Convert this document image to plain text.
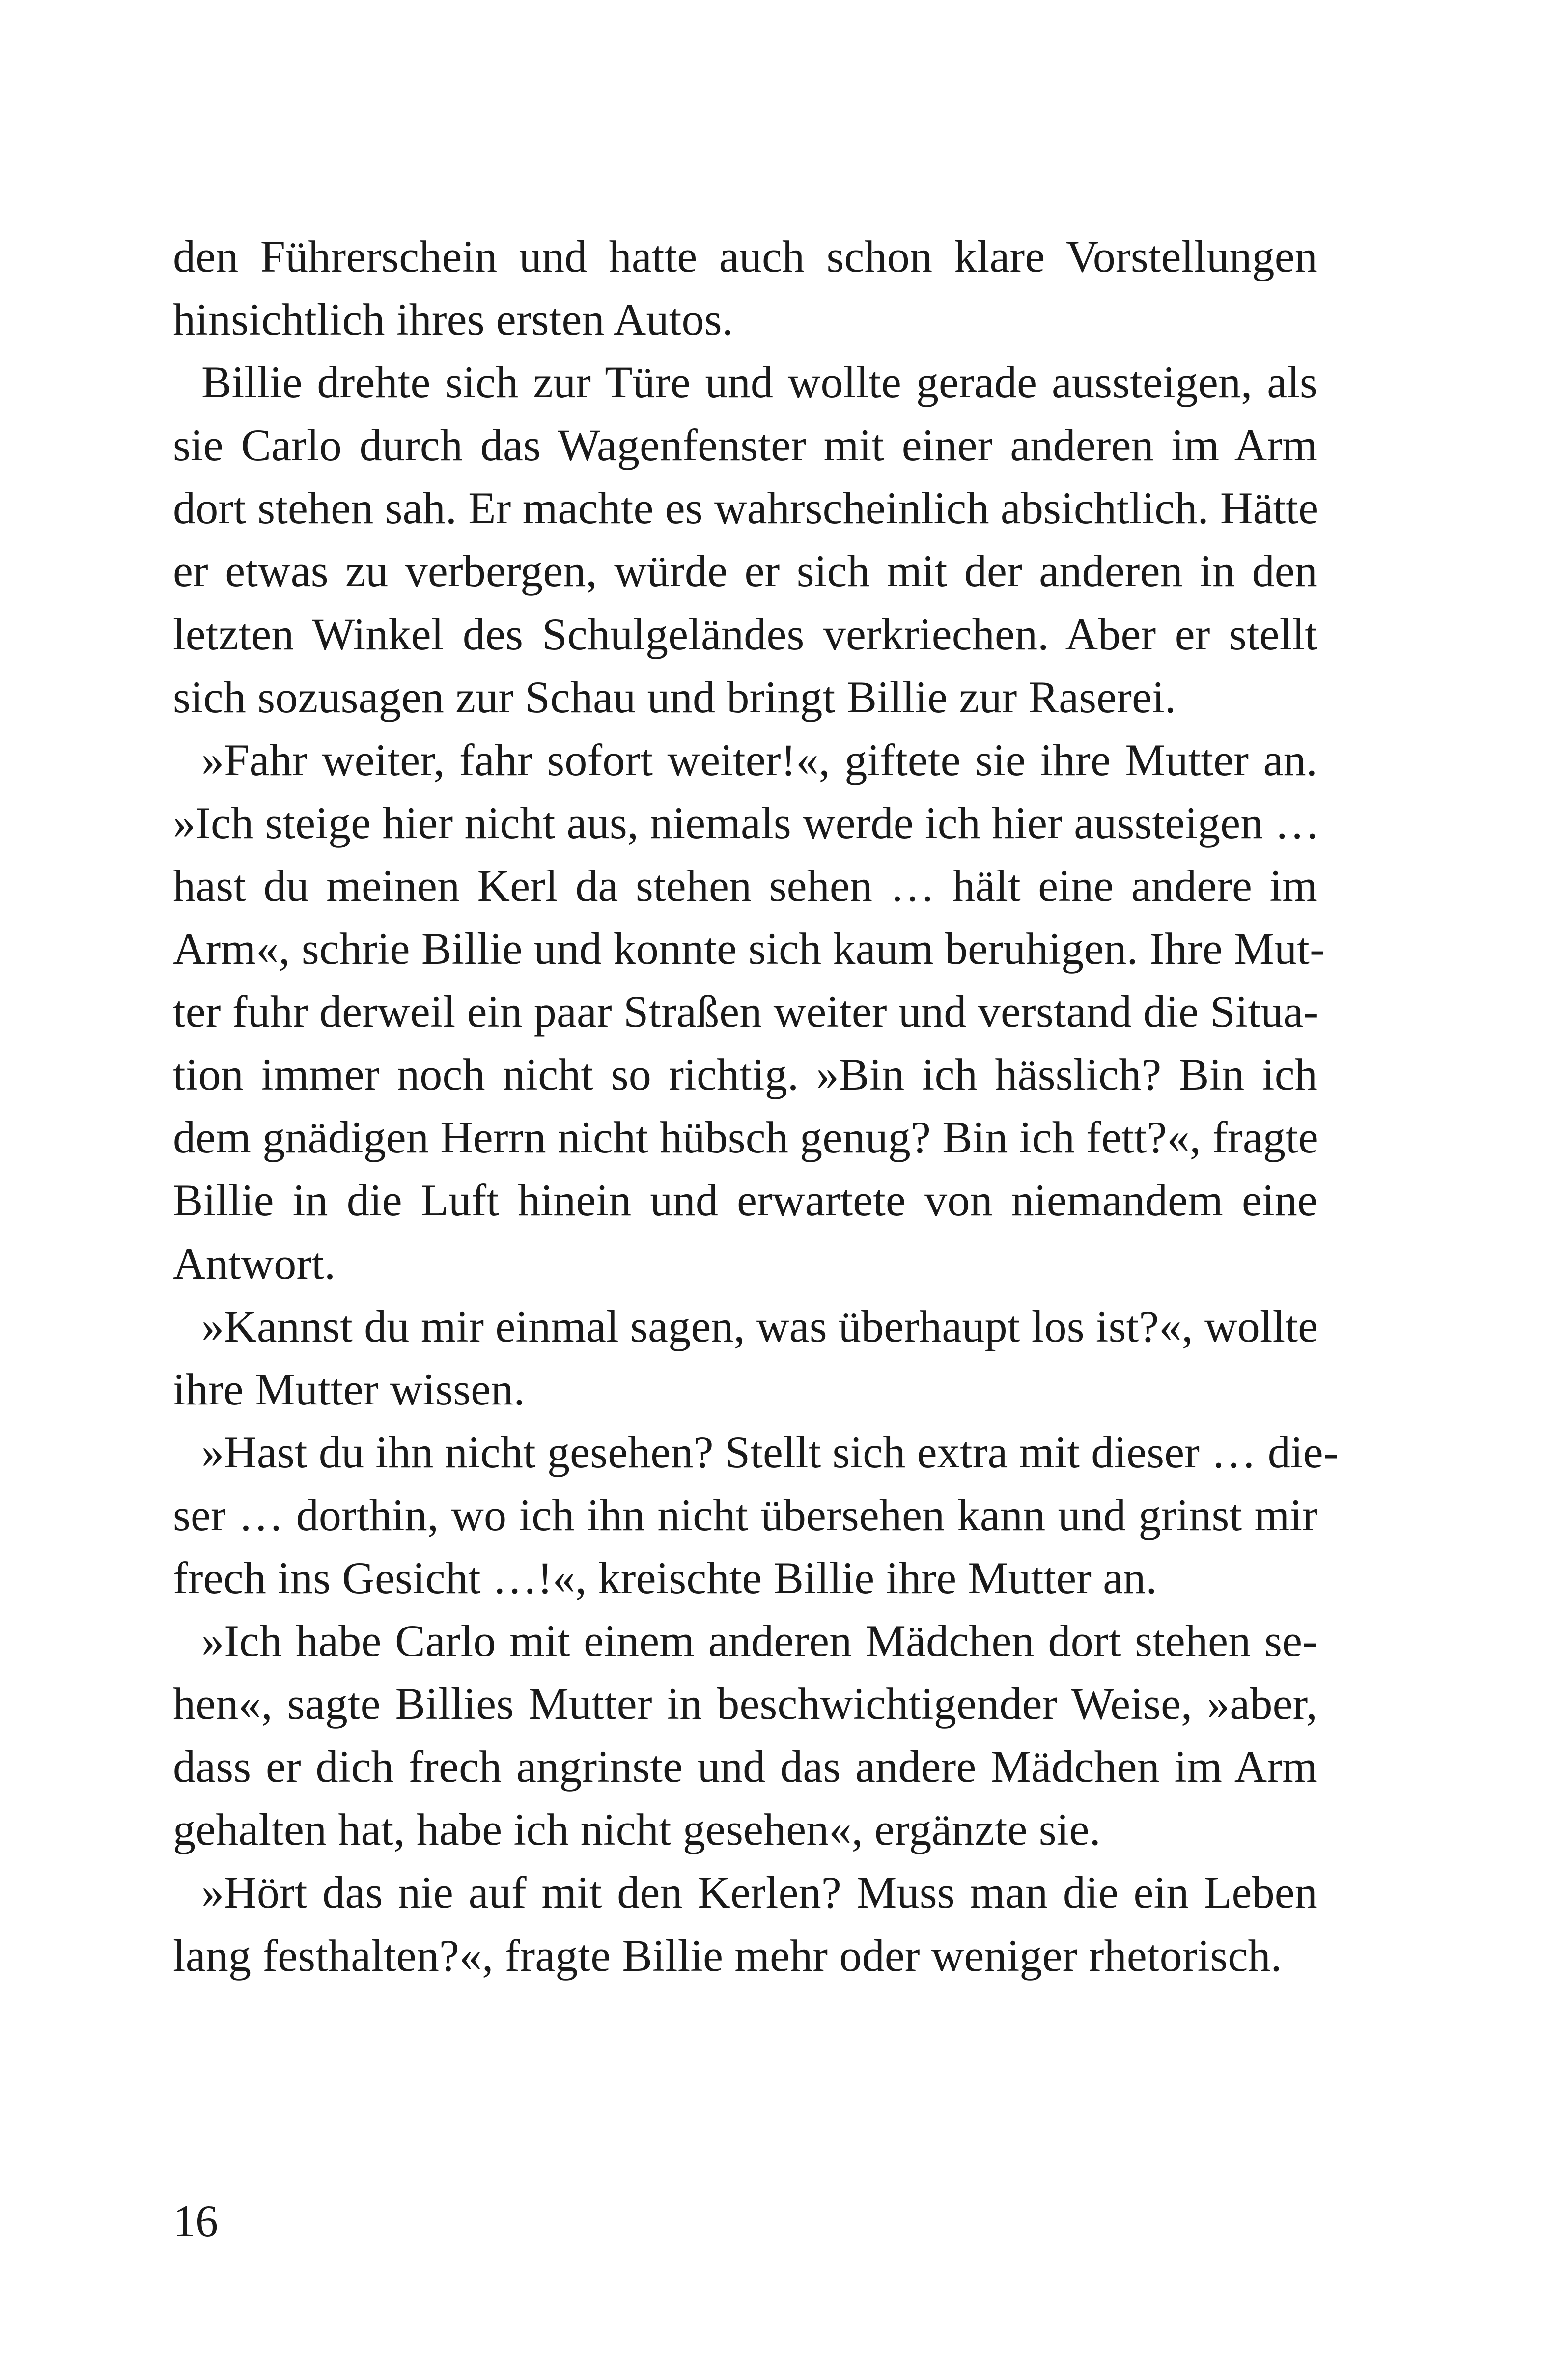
den Führerschein und hatte auch schon klare Vorstellungen
hinsichtlich ihres ersten Autos.
Billie drehte sich zur Türe und wollte gerade aussteigen, als
sie Carlo durch das Wagenfenster mit einer anderen im Arm
dort stehen sah. Er machte es wahrscheinlich absichtlich. Hätte
er etwas zu verbergen, würde er sich mit der anderen in den
letzten Winkel des Schulgeländes verkriechen. Aber er stellt
sich sozusagen zur Schau und bringt Billie zur Raserei.
»Fahr weiter, fahr sofort weiter!«, giftete sie ihre Mutter an.
»Ich steige hier nicht aus, niemals werde ich hier aussteigen …
hast du meinen Kerl da stehen sehen … hält eine andere im
Arm«, schrie Billie und konnte sich kaum beruhigen. Ihre Mut-
ter fuhr derweil ein paar Straßen weiter und verstand die Situa-
tion immer noch nicht so richtig. »Bin ich hässlich? Bin ich
dem gnädigen Herrn nicht hübsch genug? Bin ich fett?«, fragte
Billie in die Luft hinein und erwartete von niemandem eine
Antwort.
»Kannst du mir einmal sagen, was überhaupt los ist?«, wollte
ihre Mutter wissen.
»Hast du ihn nicht gesehen? Stellt sich extra mit dieser … die-
ser … dorthin, wo ich ihn nicht übersehen kann und grinst mir
frech ins Gesicht …!«, kreischte Billie ihre Mutter an.
»Ich habe Carlo mit einem anderen Mädchen dort stehen se-
hen«, sagte Billies Mutter in beschwichtigender Weise, »aber,
dass er dich frech angrinste und das andere Mädchen im Arm
gehalten hat, habe ich nicht gesehen«, ergänzte sie.
»Hört das nie auf mit den Kerlen? Muss man die ein Leben
lang festhalten?«, fragte Billie mehr oder weniger rhetorisch.
16
